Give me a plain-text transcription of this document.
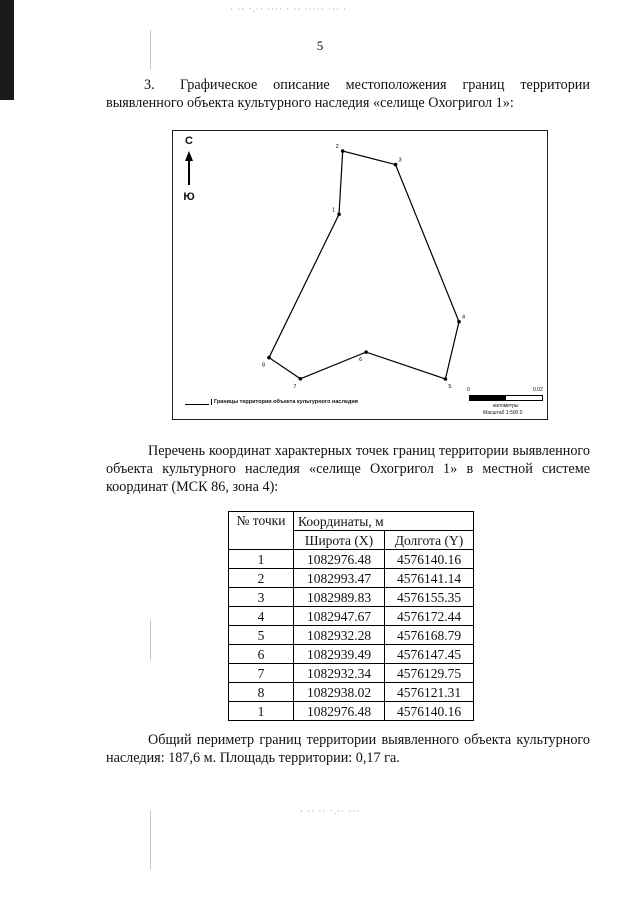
· ·· ·.·· ···· · ·· ····· ··· ·
· ·· ·· ·.·· ···
5
3. Графическое описание местоположения границ территории выявленного объекта культурного наследия «селище Охогригол 1»:
1
2
3
4
5
6
7
8
С
Ю
Границы территории объекта культурного наследия
0	0.02
километры
Масштаб 1:500 0
Перечень координат характерных точек границ территории выявленного объекта культурного наследия «селище Охогригол 1» в местной системе координат (МСК 86, зона 4):
№ точки	Координаты, м	
	Широта (X)	Долгота (Y)
1	1082976.48	4576140.16
2	1082993.47	4576141.14
3	1082989.83	4576155.35
4	1082947.67	4576172.44
5	1082932.28	4576168.79
6	1082939.49	4576147.45
7	1082932.34	4576129.75
8	1082938.02	4576121.31
1	1082976.48	4576140.16
Общий периметр границ территории выявленного объекта культурного наследия: 187,6 м. Площадь территории: 0,17 га.
